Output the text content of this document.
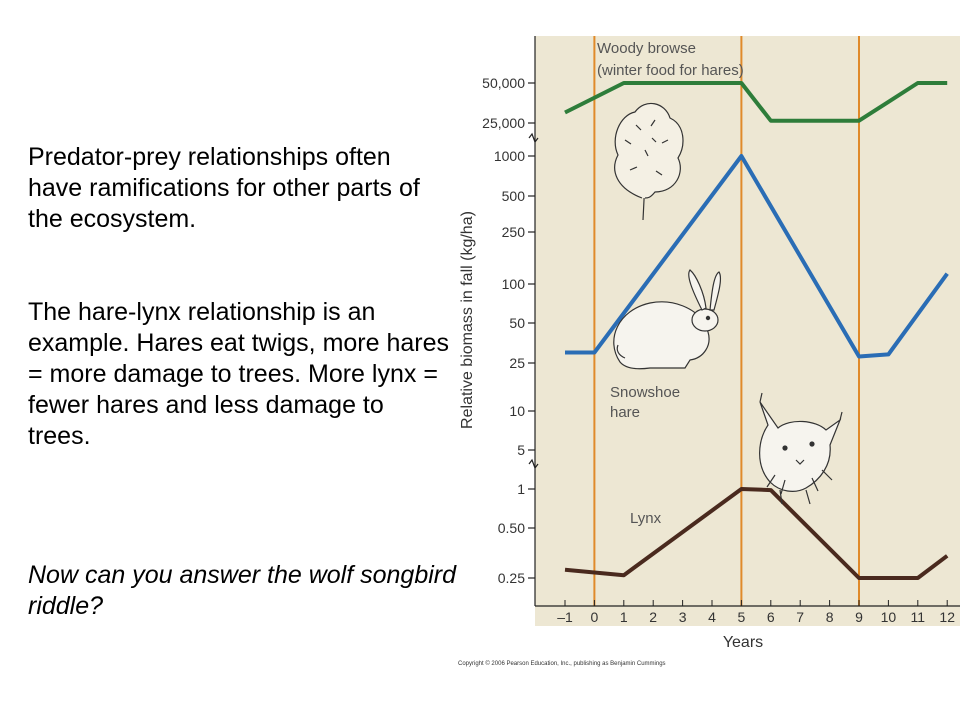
Predator-prey relationships often have ramifications for other parts of the ecosystem.
The hare-lynx relationship is an example. Hares eat twigs, more hares = more damage to trees. More lynx = fewer hares and less damage to trees.
Now can you answer the wolf songbird riddle?	–1 0 1 2 3 4 5 6 7 8 9 10 11 12
50,000
25,000
1000
500
250
100
50
25
10
5
1
0.50
0.25
Woody browse
(winter food for hares)
Snowshoe
hare
Lynx
Relative biomass in fall (kg/ha)
Years
Copyright © 2006 Pearson Education, Inc., publishing as Benjamin Cummings
